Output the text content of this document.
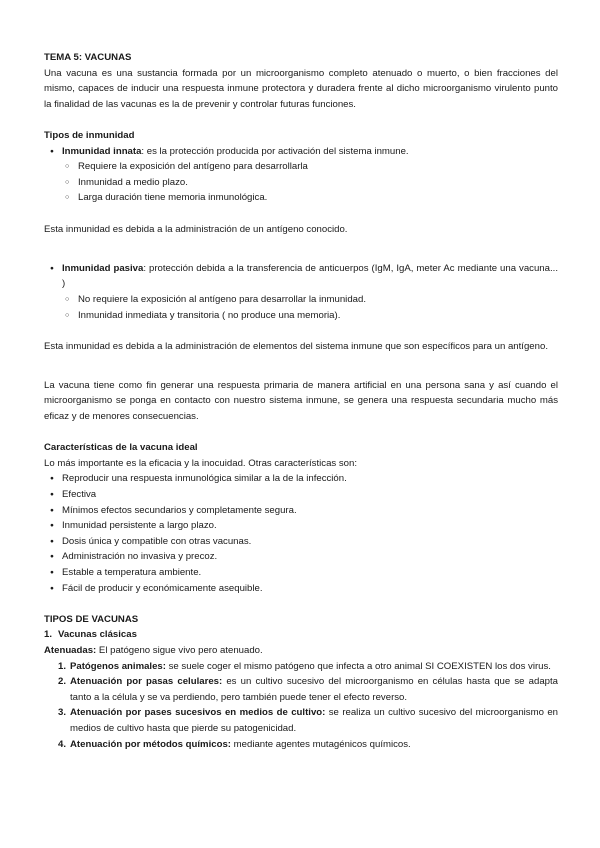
TEMA 5: VACUNAS

Una vacuna es una sustancia formada por un microorganismo completo atenuado o muerto, o bien fracciones del mismo, capaces de inducir una respuesta inmune protectora y duradera frente al dicho microorganismo virulento punto la finalidad de las vacunas es la de prevenir y controlar futuras funciones.

Tipos de inmunidad

● Inmunidad innata: es la protección producida por activación del sistema inmune.
○ Requiere la exposición del antígeno para desarrollarla
○ Inmunidad a medio plazo.
○ Larga duración tiene memoria inmunológica.

Esta inmunidad es debida a la administración de un antígeno conocido.

● Inmunidad pasiva: protección debida a la transferencia de anticuerpos (IgM, IgA, meter Ac mediante una vacuna... )
○ No requiere la exposición al antígeno para desarrollar la inmunidad.
○ Inmunidad inmediata y transitoria ( no produce una memoria).

Esta inmunidad es debida a la administración de elementos del sistema inmune que son específicos para un antígeno.

La vacuna tiene como fin generar una respuesta primaria de manera artificial en una persona sana y así cuando el microorganismo se ponga en contacto con nuestro sistema inmune, se genera una respuesta secundaria mucho más eficaz y de menores consecuencias.

Características de la vacuna ideal

Lo más importante es la eficacia y la inocuidad. Otras características son:

● Reproducir una respuesta inmunológica similar a la de la infección.
● Efectiva
● Mínimos efectos secundarios y completamente segura.
● Inmunidad persistente a largo plazo.
● Dosis única y compatible con otras vacunas.
● Administración no invasiva y precoz.
● Estable a temperatura ambiente.
● Fácil de producir y económicamente asequible.

TIPOS DE VACUNAS

1. Vacunas clásicas

Atenuadas: El patógeno sigue vivo pero atenuado.

1. Patógenos animales: se suele coger el mismo patógeno que infecta a otro animal SI COEXISTEN los dos virus.
2. Atenuación por pasas celulares: es un cultivo sucesivo del microorganismo en células hasta que se adapta tanto a la célula y se va perdiendo, pero también puede tener el efecto reverso.
3. Atenuación por pases sucesivos en medios de cultivo: se realiza un cultivo sucesivo del microorganismo en medios de cultivo hasta que pierde su patogenicidad.
4. Atenuación por métodos químicos: mediante agentes mutagénicos químicos.
